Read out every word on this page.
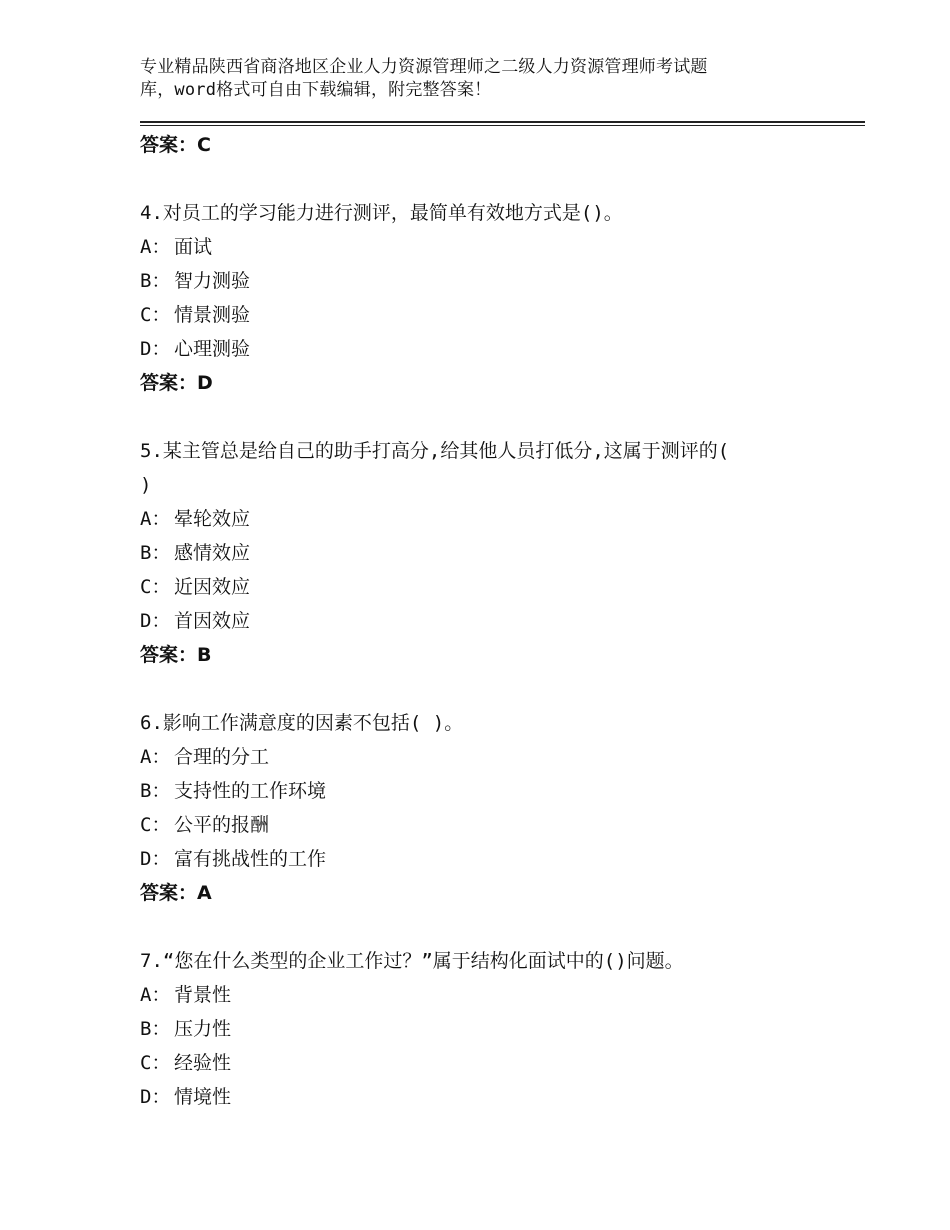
专业精品陕西省商洛地区企业人力资源管理师之二级人力资源管理师考试题
库，word格式可自由下载编辑，附完整答案！
答案：C
4.对员工的学习能力进行测评，最简单有效地方式是()。
A： 面试
B： 智力测验
C： 情景测验
D： 心理测验
答案：D
5.某主管总是给自己的助手打高分,给其他人员打低分,这属于测评的(
)
A： 晕轮效应
B： 感情效应
C： 近因效应
D： 首因效应
答案：B
6.影响工作满意度的因素不包括( )。
A： 合理的分工
B： 支持性的工作环境
C： 公平的报酬
D： 富有挑战性的工作
答案：A
7.“您在什么类型的企业工作过？”属于结构化面试中的()问题。
A： 背景性
B： 压力性
C： 经验性
D： 情境性
